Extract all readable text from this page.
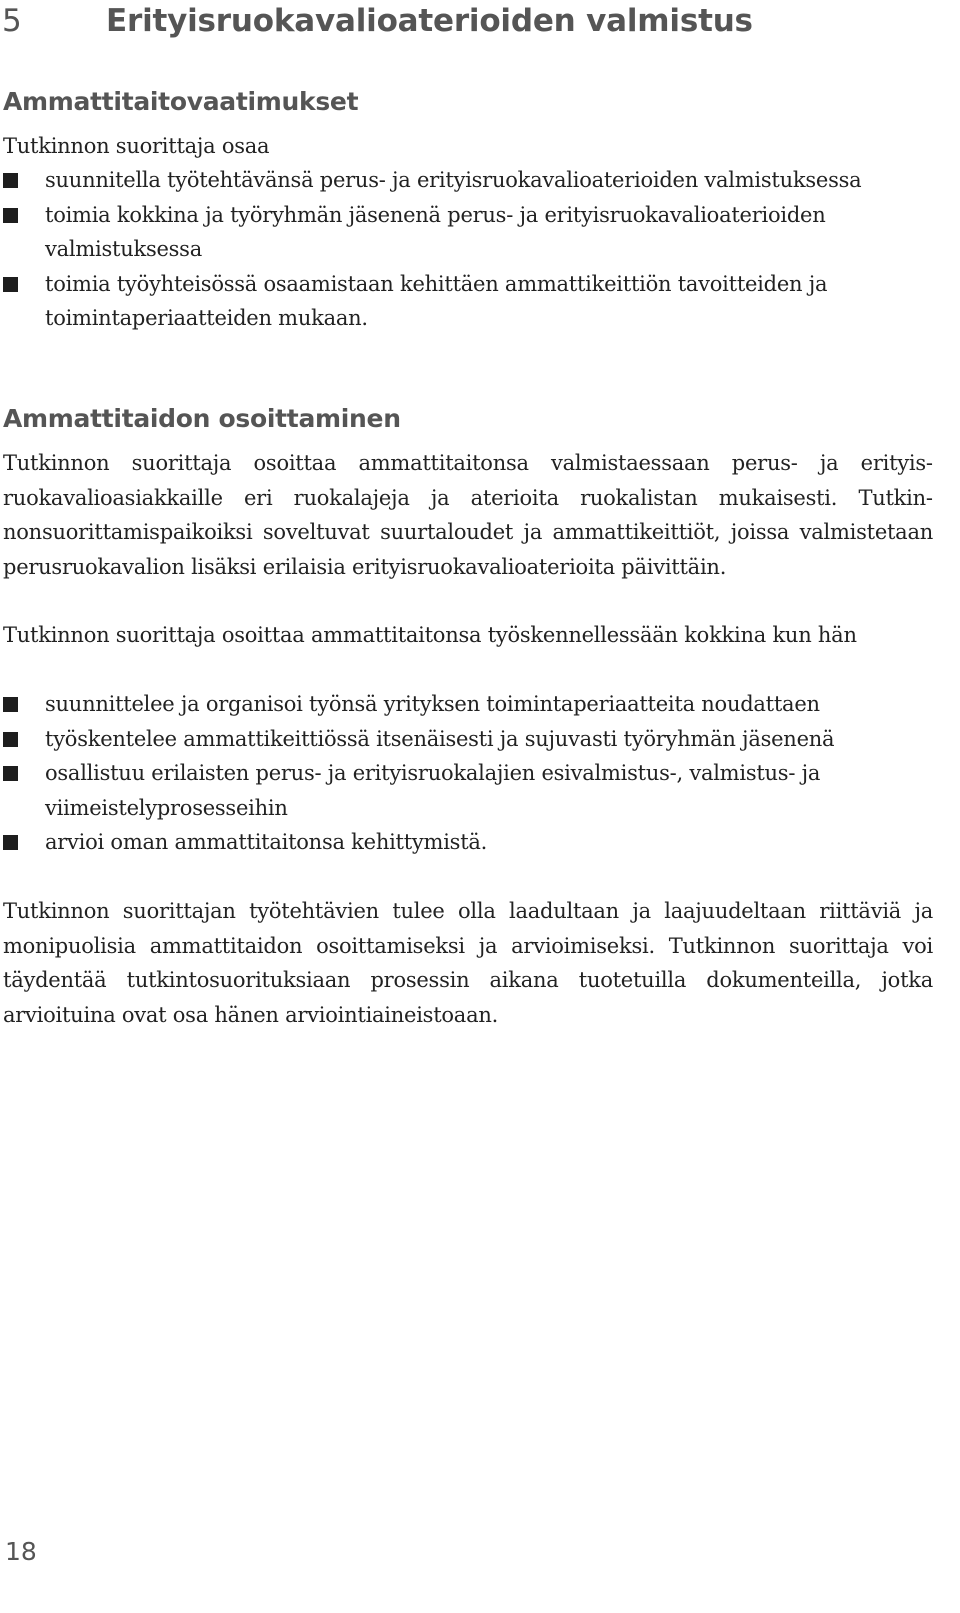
5	Erityisruokavalioaterioiden valmistus
Ammattitaitovaatimukset

Tutkinnon suorittaja osaa

suunnitella työtehtävänsä perus- ja erityisruokavalioaterioiden valmistuksessa
toimia kokkina ja työryhmän jäsenenä perus- ja erityisruokavalioaterioiden valmistuksessa
toimia työyhteisössä osaamistaan kehittäen ammattikeittiön tavoitteiden ja toimintaperiaatteiden mukaan.
Ammattitaidon osoittaminen

Tutkinnon suorittaja osoittaa ammattitaitonsa valmistaessaan perus- ja erityisruokavalioasiakkaille eri ruokalajeja ja aterioita ruokalistan mukaisesti. Tutkinnonsuorittamispaikoiksi soveltuvat suurtaloudet ja ammattikeittiöt, joissa valmistetaan perusruokavalion lisäksi erilaisia erityisruokavalioaterioita päivittäin.

Tutkinnon suorittaja osoittaa ammattitaitonsa työskennellessään kokkina kun hän

suunnittelee ja organisoi työnsä yrityksen toimintaperiaatteita noudattaen
työskentelee ammattikeittiössä itsenäisesti ja sujuvasti työryhmän jäsenenä
osallistuu erilaisten perus- ja erityisruokalajien esivalmistus-, valmistus- ja viimeistelyprosesseihin
arvioi oman ammattitaitonsa kehittymistä.

Tutkinnon suorittajan työtehtävien tulee olla laadultaan ja laajuudeltaan riittäviä ja monipuolisia ammattitaidon osoittamiseksi ja arvioimiseksi. Tutkinnon suorittaja voi täydentää tutkintosuorituksiaan prosessin aikana tuotetuilla dokumenteilla, jotka arvioituina ovat osa hänen arviointiaineistoaan.

18
